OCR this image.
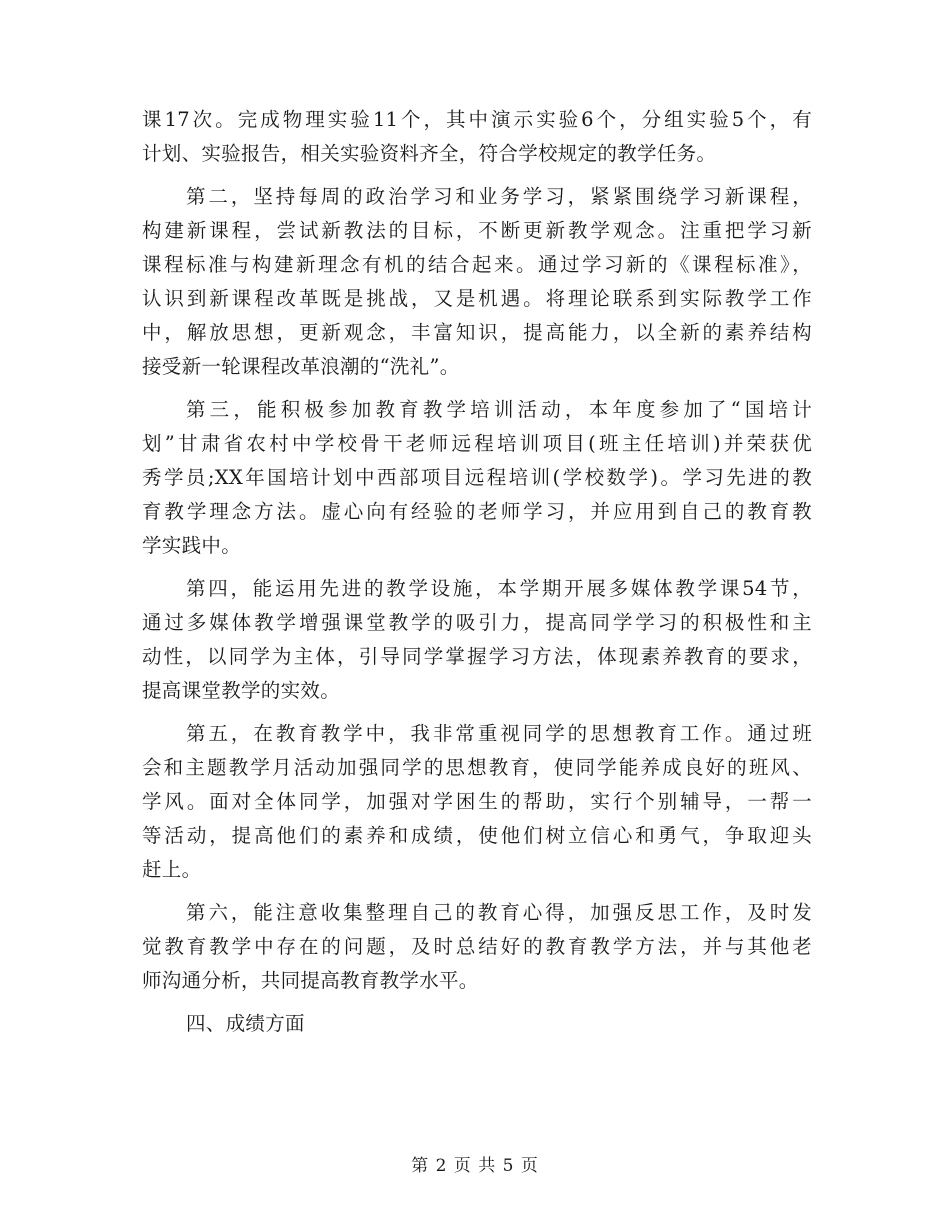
课17次。完成物理实验11个，其中演示实验6个，分组实验5个，有
计划、实验报告，相关实验资料齐全，符合学校规定的教学任务。
第二，坚持每周的政治学习和业务学习，紧紧围绕学习新课程，
构建新课程，尝试新教法的目标，不断更新教学观念。注重把学习新
课程标准与构建新理念有机的结合起来。通过学习新的《课程标准》，
认识到新课程改革既是挑战，又是机遇。将理论联系到实际教学工作
中，解放思想，更新观念，丰富知识，提高能力，以全新的素养结构
接受新一轮课程改革浪潮的“洗礼”。
第三，能积极参加教育教学培训活动，本年度参加了“国培计
划”甘肃省农村中学校骨干老师远程培训项目(班主任培训)并荣获优
秀学员;XX年国培计划中西部项目远程培训(学校数学)。学习先进的教
育教学理念方法。虚心向有经验的老师学习，并应用到自己的教育教
学实践中。
第四，能运用先进的教学设施，本学期开展多媒体教学课54节，
通过多媒体教学增强课堂教学的吸引力，提高同学学习的积极性和主
动性，以同学为主体，引导同学掌握学习方法，体现素养教育的要求，
提高课堂教学的实效。
第五，在教育教学中，我非常重视同学的思想教育工作。通过班
会和主题教学月活动加强同学的思想教育，使同学能养成良好的班风、
学风。面对全体同学，加强对学困生的帮助，实行个别辅导，一帮一
等活动，提高他们的素养和成绩，使他们树立信心和勇气，争取迎头
赶上。
第六，能注意收集整理自己的教育心得，加强反思工作，及时发
觉教育教学中存在的问题，及时总结好的教育教学方法，并与其他老
师沟通分析，共同提高教育教学水平。
四、成绩方面
第 2 页 共 5 页
